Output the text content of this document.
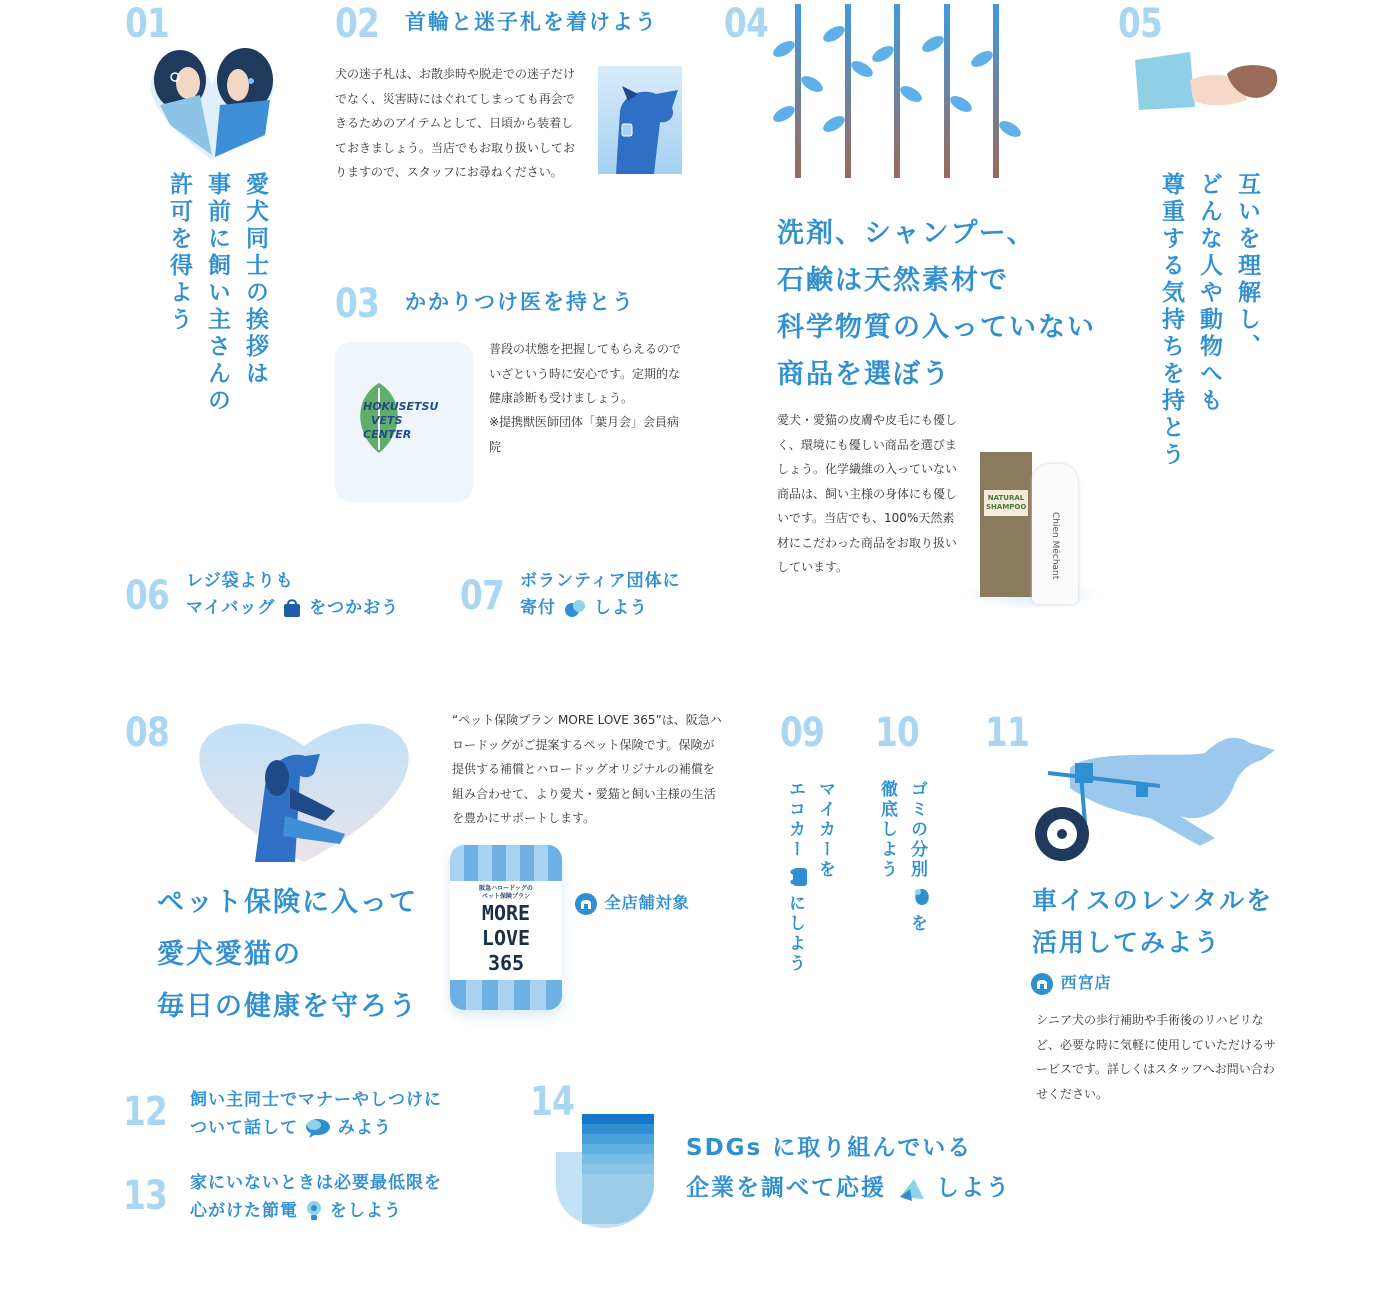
01
愛犬同士の挨拶は
事前に飼い主さんの
許可を得よう
02 首輪と迷子札を着けよう
犬の迷子札は、お散歩時や脱走での迷子だけでなく、災害時にはぐれてしまっても再会できるためのアイテムとして、日頃から装着しておきましょう。当店でもお取り扱いしておりますので、スタッフにお尋ねください。
03 かかりつけ医を持とう
HOKUSETSU
VETS
CENTER
普段の状態を把握してもらえるのでいざという時に安心です。定期的な健康診断も受けましょう。
※提携獣医師団体「葉月会」会員病院
04
洗剤、シャンプー、
石鹸は天然素材で
科学物質の入っていない
商品を選ぼう
愛犬・愛猫の皮膚や皮毛にも優しく、環境にも優しい商品を選びましょう。化学繊維の入っていない商品は、飼い主様の身体にも優しいです。当店でも、100%天然素材にこだわった商品をお取り扱いしています。
NATURAL SHAMPOO
Chien Méchant
05
互いを理解し、
どんな人や動物へも
尊重する気持ちを持とう
06 レジ袋よりも
マイバッグ をつかおう 07 ボランティア団体に
寄付 しよう
08
ペット保険に入って
愛犬愛猫の
毎日の健康を守ろう
“ペット保険プラン MORE LOVE 365”は、阪急ハロードッグがご提案するペット保険です。保険が提供する補償とハロードッグオリジナルの補償を組み合わせて、より愛犬・愛猫と飼い主様の生活を豊かにサポートします。
阪急ハロードッグの
ペット保険プラン
MORE
LOVE
365
全店舗対象
09
マイカーを
エコカーにしよう
10
ゴミの分別を
徹底しよう
11
車イスのレンタルを
活用してみよう
西宮店
シニア犬の歩行補助や手術後のリハビリなど、必要な時に気軽に使用していただけるサービスです。詳しくはスタッフへお問い合わせください。
12 飼い主同士でマナーやしつけに
ついて話して みよう
13 家にいないときは必要最低限を
心がけた節電 をしよう
14
SDGs に取り組んでいる
企業を調べて応援 しよう
